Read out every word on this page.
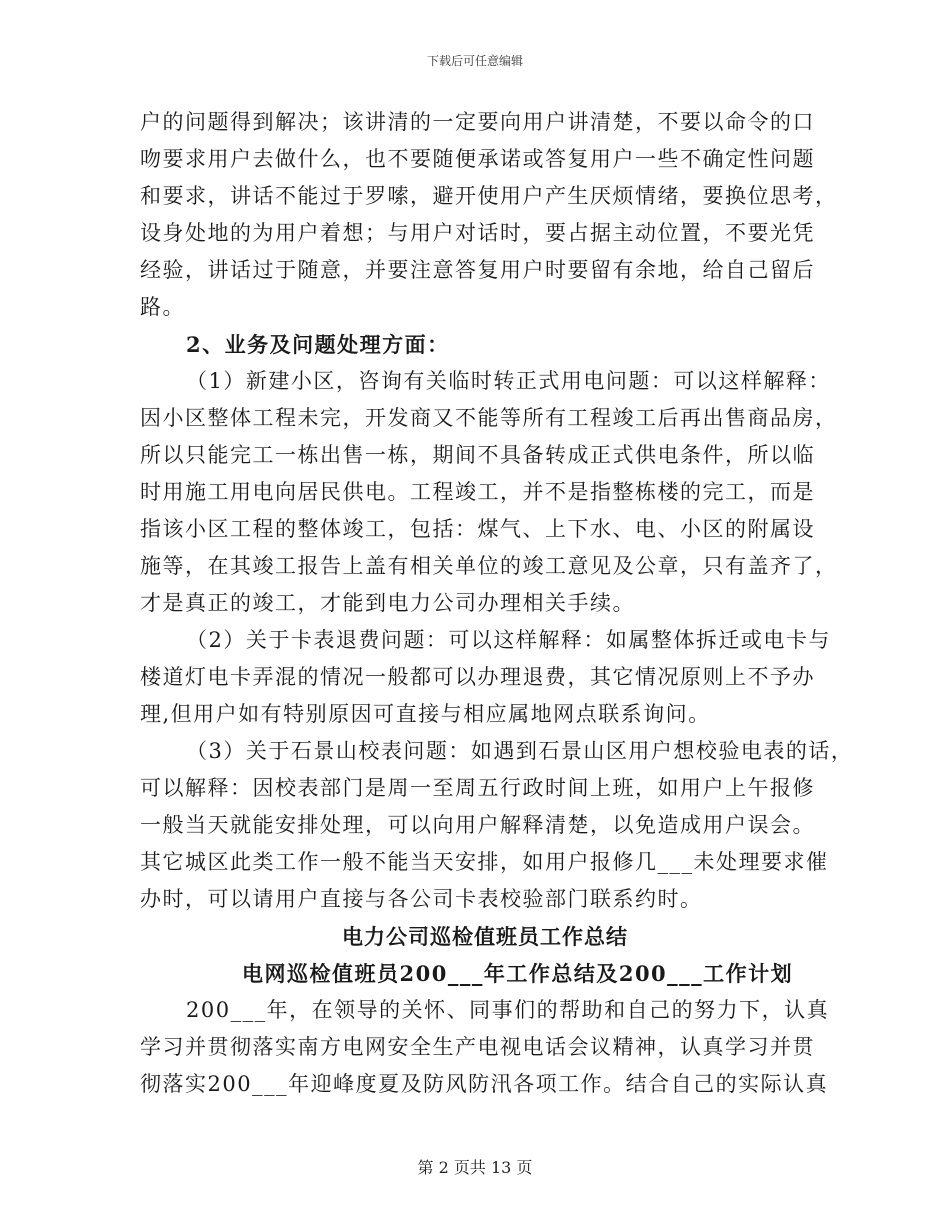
下载后可任意编辑
户的问题得到解决；该讲清的一定要向用户讲清楚，不要以命令的口
吻要求用户去做什么，也不要随便承诺或答复用户一些不确定性问题
和要求，讲话不能过于罗嗦，避开使用户产生厌烦情绪，要换位思考，
设身处地的为用户着想；与用户对话时，要占据主动位置，不要光凭
经验，讲话过于随意，并要注意答复用户时要留有余地，给自己留后
路。
2、业务及问题处理方面：
（1）新建小区，咨询有关临时转正式用电问题：可以这样解释：
因小区整体工程未完，开发商又不能等所有工程竣工后再出售商品房，
所以只能完工一栋出售一栋，期间不具备转成正式供电条件，所以临
时用施工用电向居民供电。工程竣工，并不是指整栋楼的完工，而是
指该小区工程的整体竣工，包括：煤气、上下水、电、小区的附属设
施等，在其竣工报告上盖有相关单位的竣工意见及公章，只有盖齐了，
才是真正的竣工，才能到电力公司办理相关手续。
（2）关于卡表退费问题：可以这样解释：如属整体拆迁或电卡与
楼道灯电卡弄混的情况一般都可以办理退费，其它情况原则上不予办
理,但用户如有特别原因可直接与相应属地网点联系询问。
（3）关于石景山校表问题：如遇到石景山区用户想校验电表的话，
可以解释：因校表部门是周一至周五行政时间上班，如用户上午报修
一般当天就能安排处理，可以向用户解释清楚，以免造成用户误会。
其它城区此类工作一般不能当天安排，如用户报修几___未处理要求催
办时，可以请用户直接与各公司卡表校验部门联系约时。
电力公司巡检值班员工作总结
电网巡检值班员200___年工作总结及200___工作计划
200___年，在领导的关怀、同事们的帮助和自己的努力下，认真
学习并贯彻落实南方电网安全生产电视电话会议精神，认真学习并贯
彻落实200___年迎峰度夏及防风防汛各项工作。结合自己的实际认真
第 2 页共 13 页
